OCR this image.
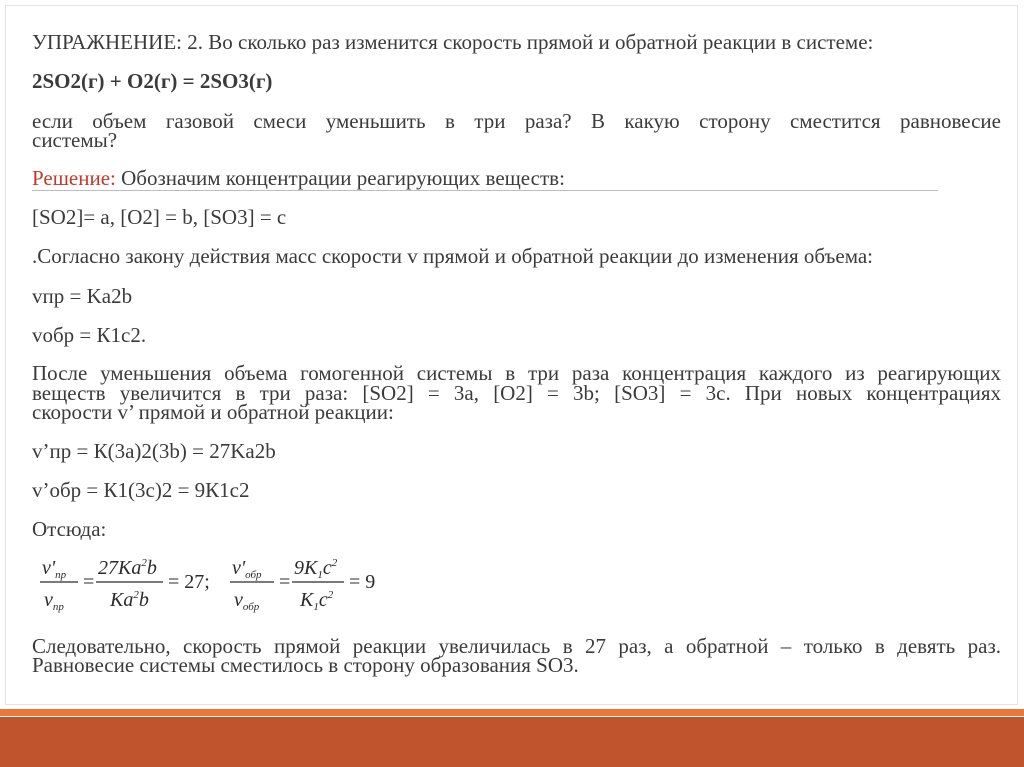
УПРАЖНЕНИЕ: 2. Во сколько раз изменится скорость прямой и обратной реакции в системе:

2SO2(г) + O2(г) = 2SO3(г)

если объем газовой смеси уменьшить в три раза? В какую сторону сместится равновесие

системы?

Решение: Обозначим концентрации реагирующих веществ:

[SO2]= a, [O2] = b, [SO3] = c

.Согласно закону действия масс скорости v прямой и обратной реакции до изменения объема:

vпр = Ka2b

vобр = К1с2.

После уменьшения объема гомогенной системы в три раза концентрация каждого из реагирующих

веществ увеличится в три раза: [SO2] = 3a, [O2] = 3b; [SO3] = 3c. При новых концентрациях

скорости v’ прямой и обратной реакции:

v’пр = К(3a)2(3b) = 27Ka2b

v’обр = К1(3c)2 = 9К1c2

Отсюда:

$v'_{пр}$
$v_{пр}$
=
$27Ka^2b$
$Ka^2b$
= 27;
$v'_{обр}$
$v_{обр}$
=
$9K_1c^2$
$K_1c^2$
= 9

Следовательно, скорость прямой реакции увеличилась в 27 раз, а обратной – только в девять раз.

Равновесие системы сместилось в сторону образования SO3.
